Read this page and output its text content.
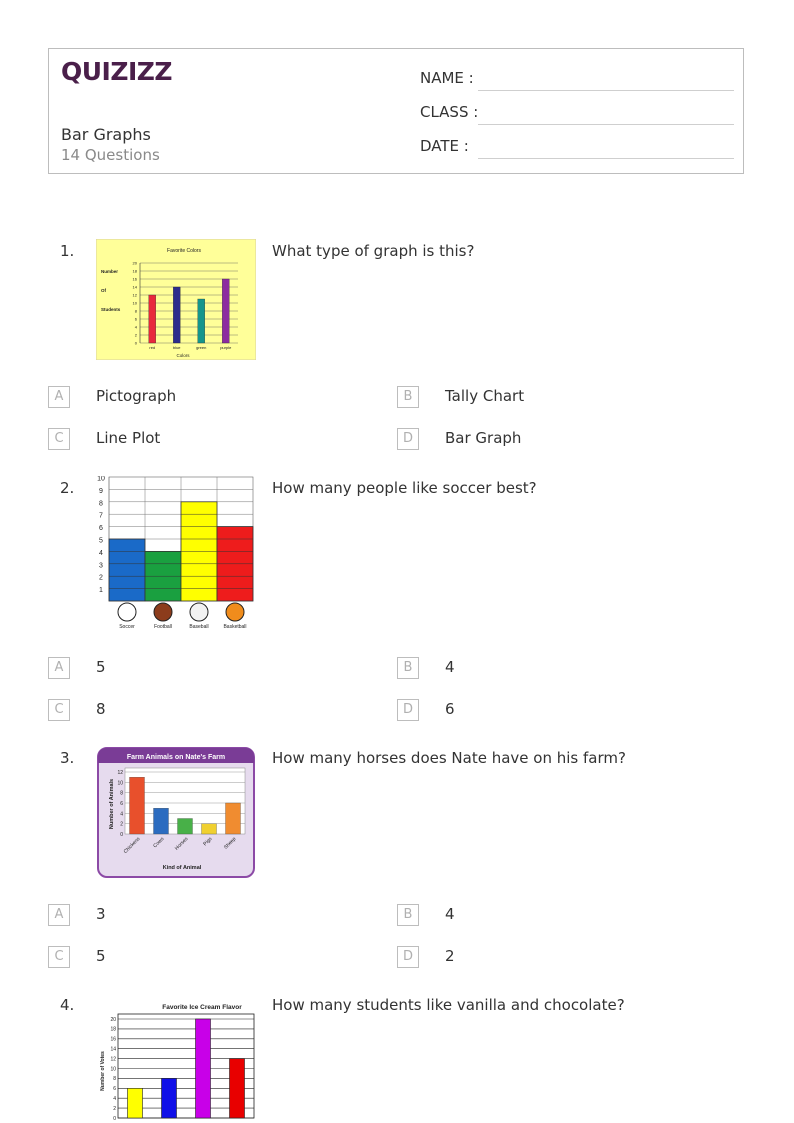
QUIZIZZ
Bar Graphs
14 Questions
NAME :
CLASS :
DATE :
1.	What type of graph is this?
Favorite Colors
Number
Of
Students
Colors
20
18
16
14
12
10
8
6
4
2
0
red	blue	green	purple
A	Pictograph	B	Tally Chart
C	Line Plot	D	Bar Graph
2.	How many people like soccer best?
Soccer	Football	Baseball	Basketball
10
9
8
7
6
5
4
3
2
1
A	5	B	4
C	8	D	6
3.	How many horses does Nate have on his farm?
Farm Animals on Nate's Farm
Number of Animals
Kind of Animal
12
10
8
6
4
2
0
Chickens Cows Horses	Pigs Sheep
A	3	B	4
C	5	D	2
4.	How many students like vanilla and chocolate?
Favorite Ice Cream Flavor
Number of Votes
20
18
16
14
12
10
8
6
4
2
0
